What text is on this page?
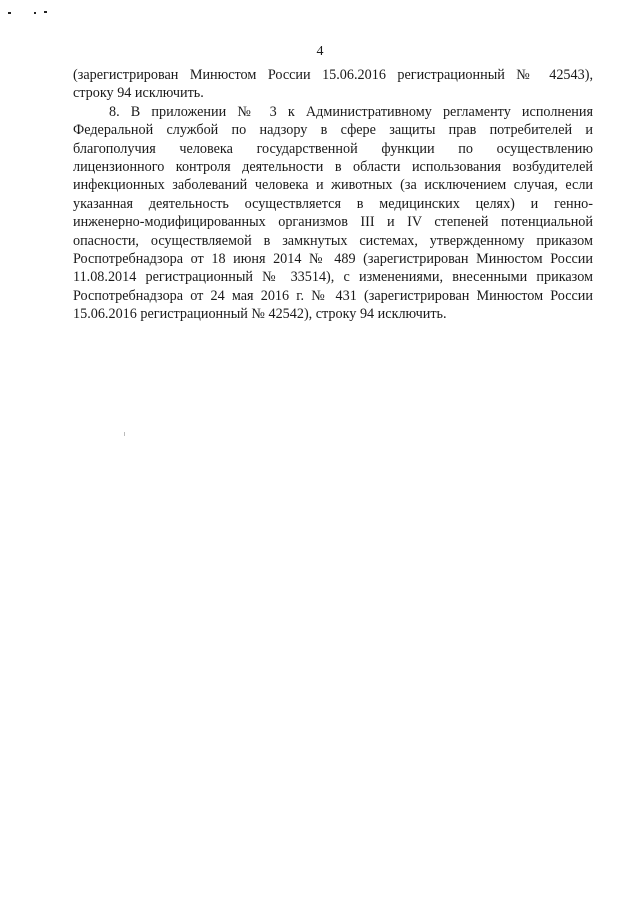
4
(зарегистрирован Минюстом России 15.06.2016 регистрационный № 42543),
строку 94 исключить.
8. В приложении № 3 к Административному регламенту исполнения
Федеральной службой по надзору в сфере защиты прав потребителей и
благополучия человека государственной функции по осуществлению
лицензионного контроля деятельности в области использования возбудителей
инфекционных заболеваний человека и животных (за исключением случая, если
указанная деятельность осуществляется в медицинских целях) и генно-
инженерно-модифицированных организмов III и IV степеней потенциальной
опасности, осуществляемой в замкнутых системах, утвержденному приказом
Роспотребнадзора от 18 июня 2014 № 489 (зарегистрирован Минюстом России
11.08.2014 регистрационный № 33514), с изменениями, внесенными приказом
Роспотребнадзора от 24 мая 2016 г. № 431 (зарегистрирован Минюстом России
15.06.2016 регистрационный № 42542), строку 94 исключить.
